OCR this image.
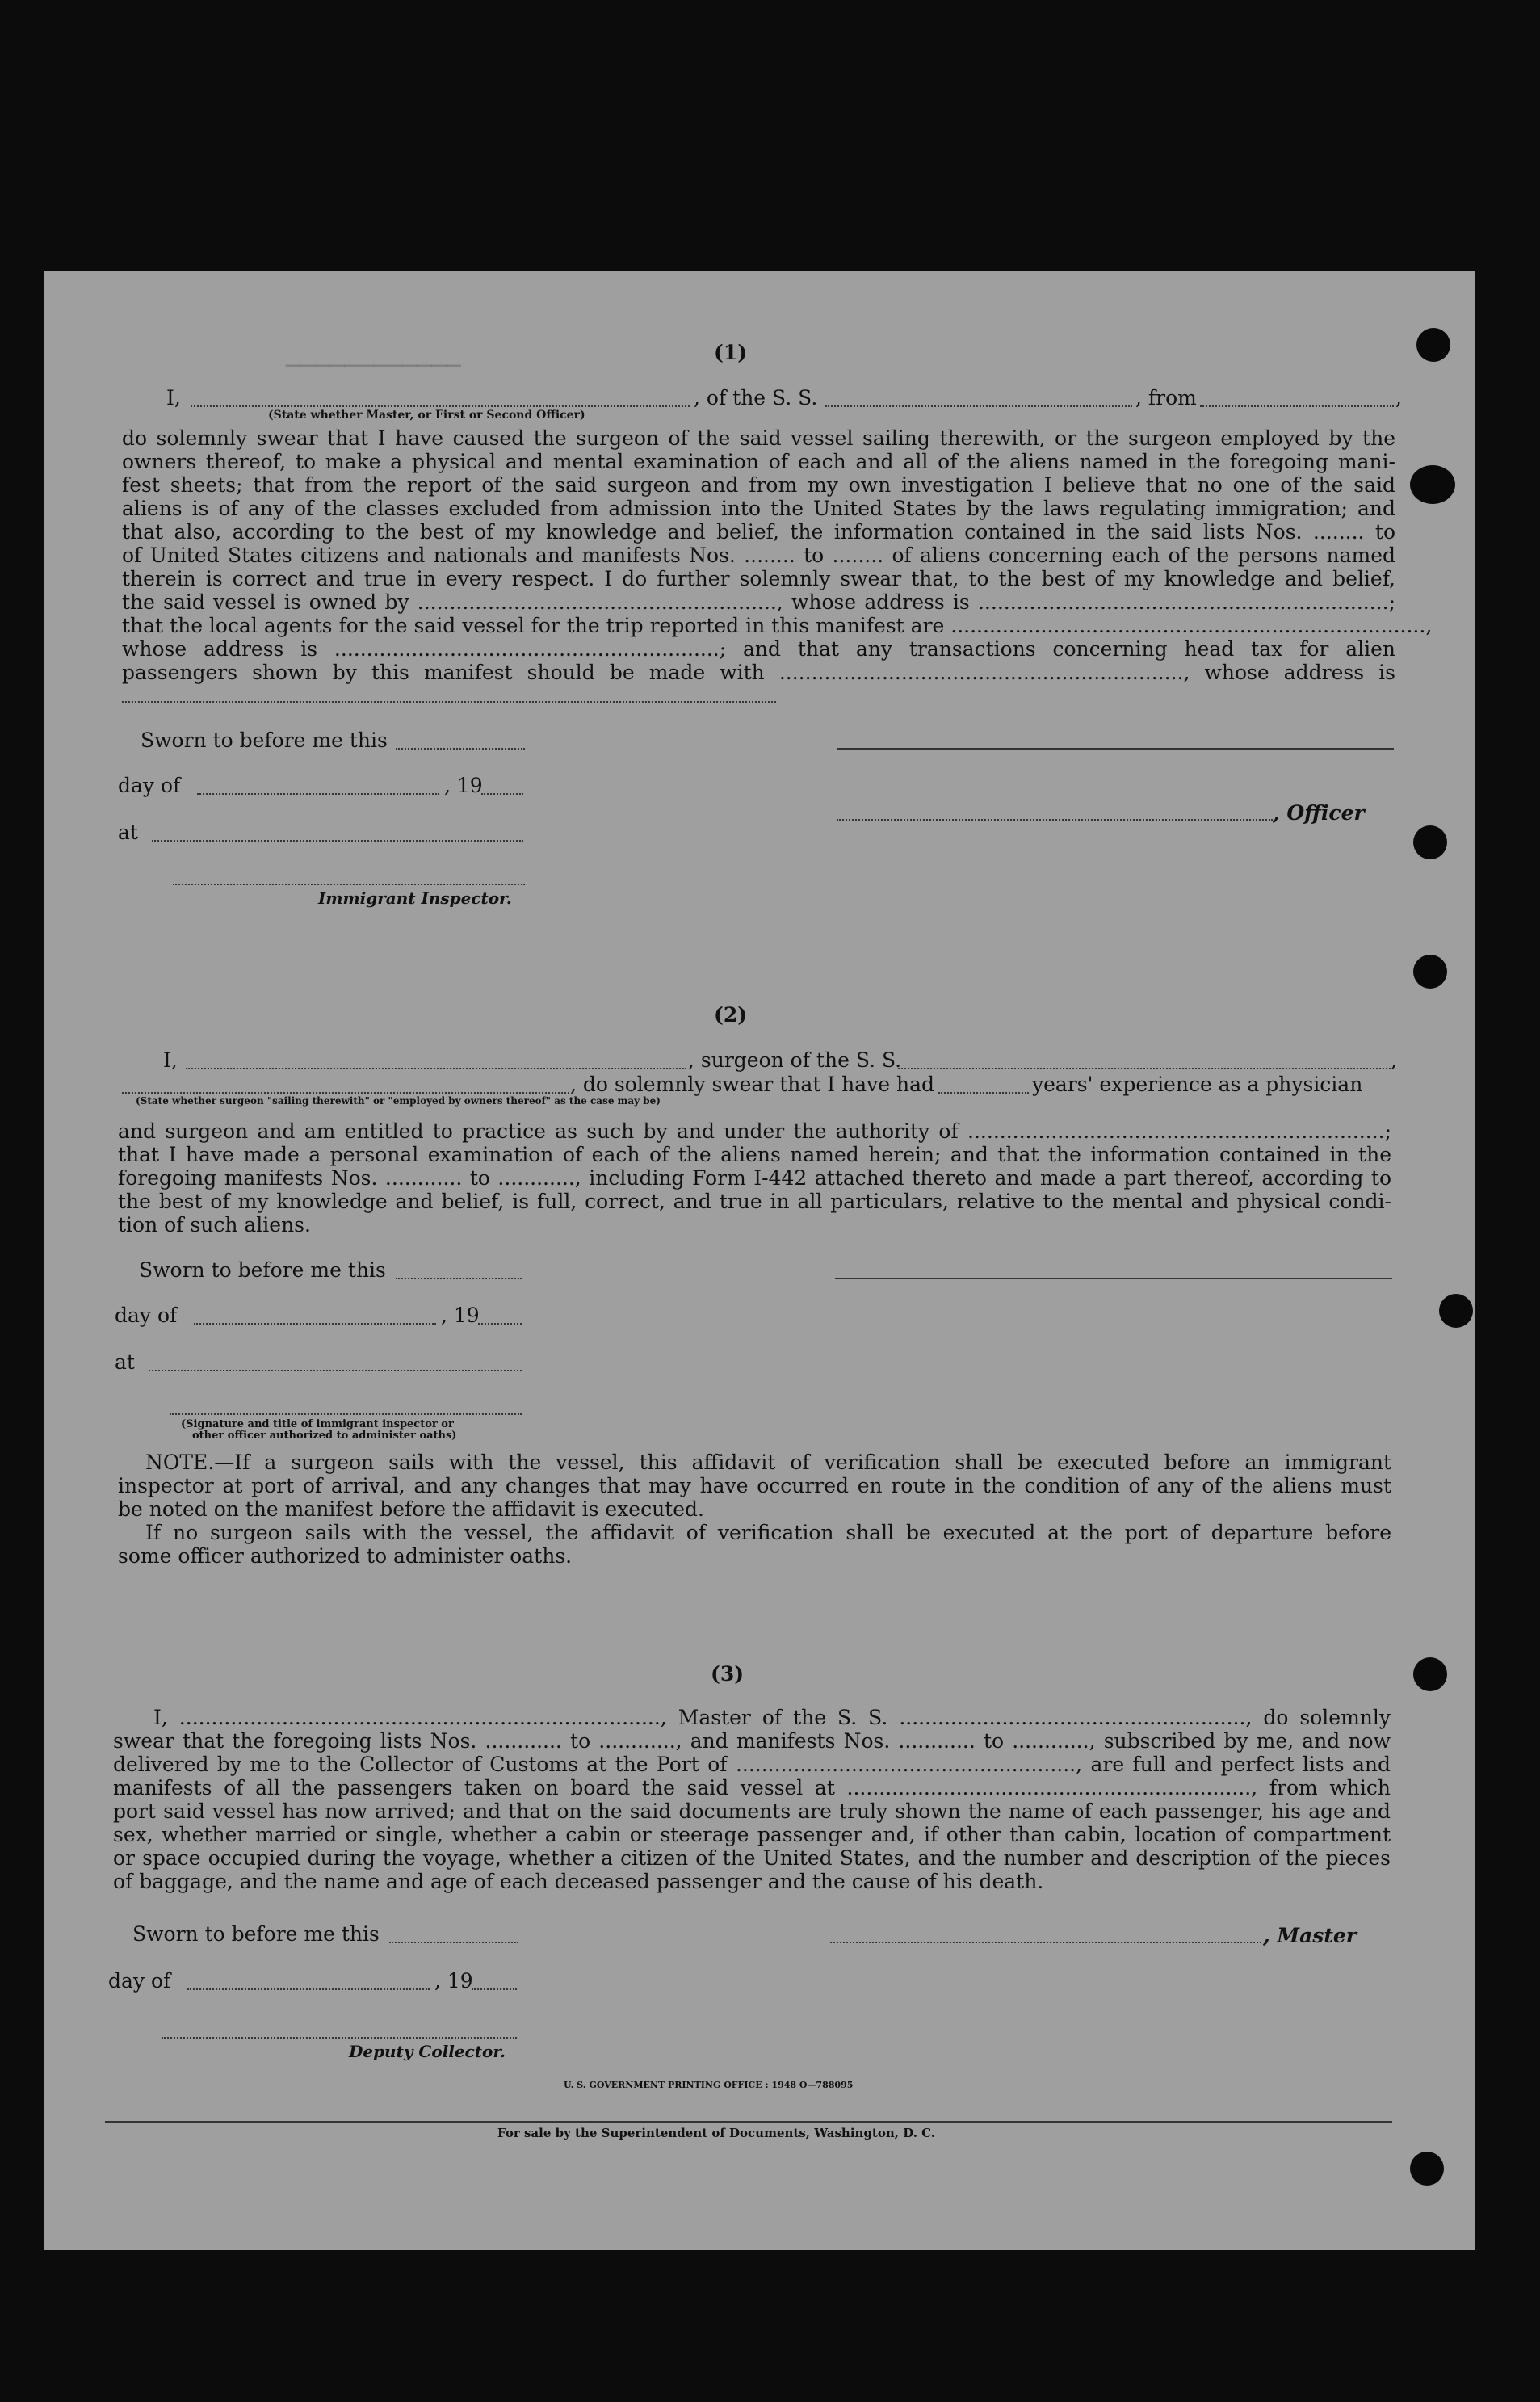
────────────	(1)
I,	, of the S. S.	, from	,
(State whether Master, or First or Second Officer)
do solemnly swear that I have caused the surgeon of the said vessel sailing therewith, or the surgeon employed by the
owners thereof, to make a physical and mental examination of each and all of the aliens named in the foregoing mani-
fest sheets; that from the report of the said surgeon and from my own investigation I believe that no one of the said
aliens is of any of the classes excluded from admission into the United States by the laws regulating immigration; and
that also, according to the best of my knowledge and belief, the information contained in the said lists Nos. ........ to
of United States citizens and nationals and manifests Nos. ........ to ........ of aliens concerning each of the persons named
therein is correct and true in every respect. I do further solemnly swear that, to the best of my knowledge and belief,
the said vessel is owned by ........................................................, whose address is ................................................................;
that the local agents for the said vessel for the trip reported in this manifest are ..........................................................................,
whose address is ............................................................; and that any transactions concerning head tax for alien
passengers shown by this manifest should be made with ..............................................................., whose address is
Sworn to before me this
day of	, 19
at
Immigrant Inspector.
, Officer
(2)
I,	, surgeon of the S. S.	,
, do solemnly swear that I have had	years' experience as a physician
(State whether surgeon "sailing therewith" or "employed by owners thereof" as the case may be)
and surgeon and am entitled to practice as such by and under the authority of .................................................................;
that I have made a personal examination of each of the aliens named herein; and that the information contained in the
foregoing manifests Nos. ............ to ............, including Form I-442 attached thereto and made a part thereof, according to
the best of my knowledge and belief, is full, correct, and true in all particulars, relative to the mental and physical condi-
tion of such aliens.
Sworn to before me this
day of	, 19
at
(Signature and title of immigrant inspector or
other officer authorized to administer oaths)
NOTE.—If a surgeon sails with the vessel, this affidavit of verification shall be executed before an immigrant
inspector at port of arrival, and any changes that may have occurred en route in the condition of any of the aliens must
be noted on the manifest before the affidavit is executed.
If no surgeon sails with the vessel, the affidavit of verification shall be executed at the port of departure before
some officer authorized to administer oaths.
(3)
I, ..........................................................................., Master of the S. S. ......................................................, do solemnly
swear that the foregoing lists Nos. ............ to ............, and manifests Nos. ............ to ............, subscribed by me, and now
delivered by me to the Collector of Customs at the Port of ....................................................., are full and perfect lists and
manifests of all the passengers taken on board the said vessel at ..............................................................., from which
port said vessel has now arrived; and that on the said documents are truly shown the name of each passenger, his age and
sex, whether married or single, whether a cabin or steerage passenger and, if other than cabin, location of compartment
or space occupied during the voyage, whether a citizen of the United States, and the number and description of the pieces
of baggage, and the name and age of each deceased passenger and the cause of his death.
Sworn to before me this	, Master
day of	, 19
Deputy Collector.
U. S. GOVERNMENT PRINTING OFFICE : 1948 O—788095
For sale by the Superintendent of Documents, Washington, D. C.
